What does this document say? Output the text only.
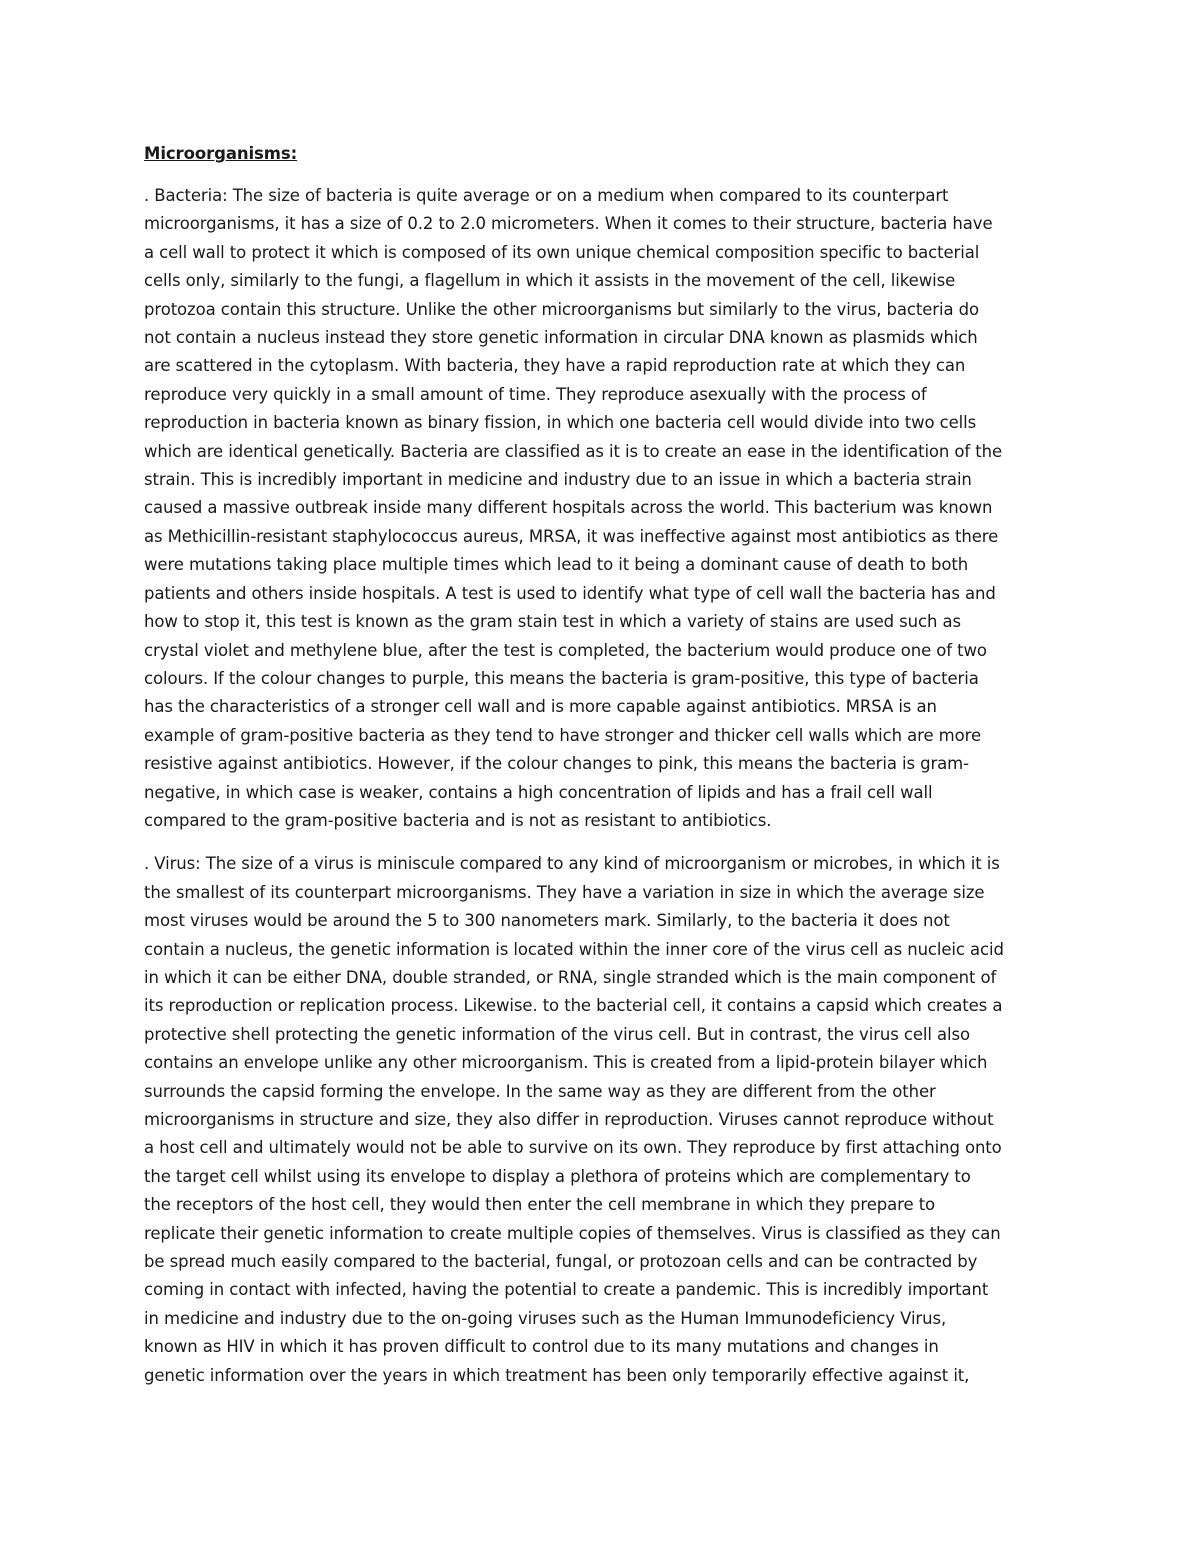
Microorganisms:
. Bacteria: The size of bacteria is quite average or on a medium when compared to its counterpart
microorganisms, it has a size of 0.2 to 2.0 micrometers. When it comes to their structure, bacteria have
a cell wall to protect it which is composed of its own unique chemical composition specific to bacterial
cells only, similarly to the fungi, a flagellum in which it assists in the movement of the cell, likewise
protozoa contain this structure. Unlike the other microorganisms but similarly to the virus, bacteria do
not contain a nucleus instead they store genetic information in circular DNA known as plasmids which
are scattered in the cytoplasm. With bacteria, they have a rapid reproduction rate at which they can
reproduce very quickly in a small amount of time. They reproduce asexually with the process of
reproduction in bacteria known as binary fission, in which one bacteria cell would divide into two cells
which are identical genetically. Bacteria are classified as it is to create an ease in the identification of the
strain. This is incredibly important in medicine and industry due to an issue in which a bacteria strain
caused a massive outbreak inside many different hospitals across the world. This bacterium was known
as Methicillin-resistant staphylococcus aureus, MRSA, it was ineffective against most antibiotics as there
were mutations taking place multiple times which lead to it being a dominant cause of death to both
patients and others inside hospitals. A test is used to identify what type of cell wall the bacteria has and
how to stop it, this test is known as the gram stain test in which a variety of stains are used such as
crystal violet and methylene blue, after the test is completed, the bacterium would produce one of two
colours. If the colour changes to purple, this means the bacteria is gram-positive, this type of bacteria
has the characteristics of a stronger cell wall and is more capable against antibiotics. MRSA is an
example of gram-positive bacteria as they tend to have stronger and thicker cell walls which are more
resistive against antibiotics. However, if the colour changes to pink, this means the bacteria is gram-
negative, in which case is weaker, contains a high concentration of lipids and has a frail cell wall
compared to the gram-positive bacteria and is not as resistant to antibiotics.
. Virus: The size of a virus is miniscule compared to any kind of microorganism or microbes, in which it is
the smallest of its counterpart microorganisms. They have a variation in size in which the average size
most viruses would be around the 5 to 300 nanometers mark. Similarly, to the bacteria it does not
contain a nucleus, the genetic information is located within the inner core of the virus cell as nucleic acid
in which it can be either DNA, double stranded, or RNA, single stranded which is the main component of
its reproduction or replication process. Likewise. to the bacterial cell, it contains a capsid which creates a
protective shell protecting the genetic information of the virus cell. But in contrast, the virus cell also
contains an envelope unlike any other microorganism. This is created from a lipid-protein bilayer which
surrounds the capsid forming the envelope. In the same way as they are different from the other
microorganisms in structure and size, they also differ in reproduction. Viruses cannot reproduce without
a host cell and ultimately would not be able to survive on its own. They reproduce by first attaching onto
the target cell whilst using its envelope to display a plethora of proteins which are complementary to
the receptors of the host cell, they would then enter the cell membrane in which they prepare to
replicate their genetic information to create multiple copies of themselves. Virus is classified as they can
be spread much easily compared to the bacterial, fungal, or protozoan cells and can be contracted by
coming in contact with infected, having the potential to create a pandemic. This is incredibly important
in medicine and industry due to the on-going viruses such as the Human Immunodeficiency Virus,
known as HIV in which it has proven difficult to control due to its many mutations and changes in
genetic information over the years in which treatment has been only temporarily effective against it,
